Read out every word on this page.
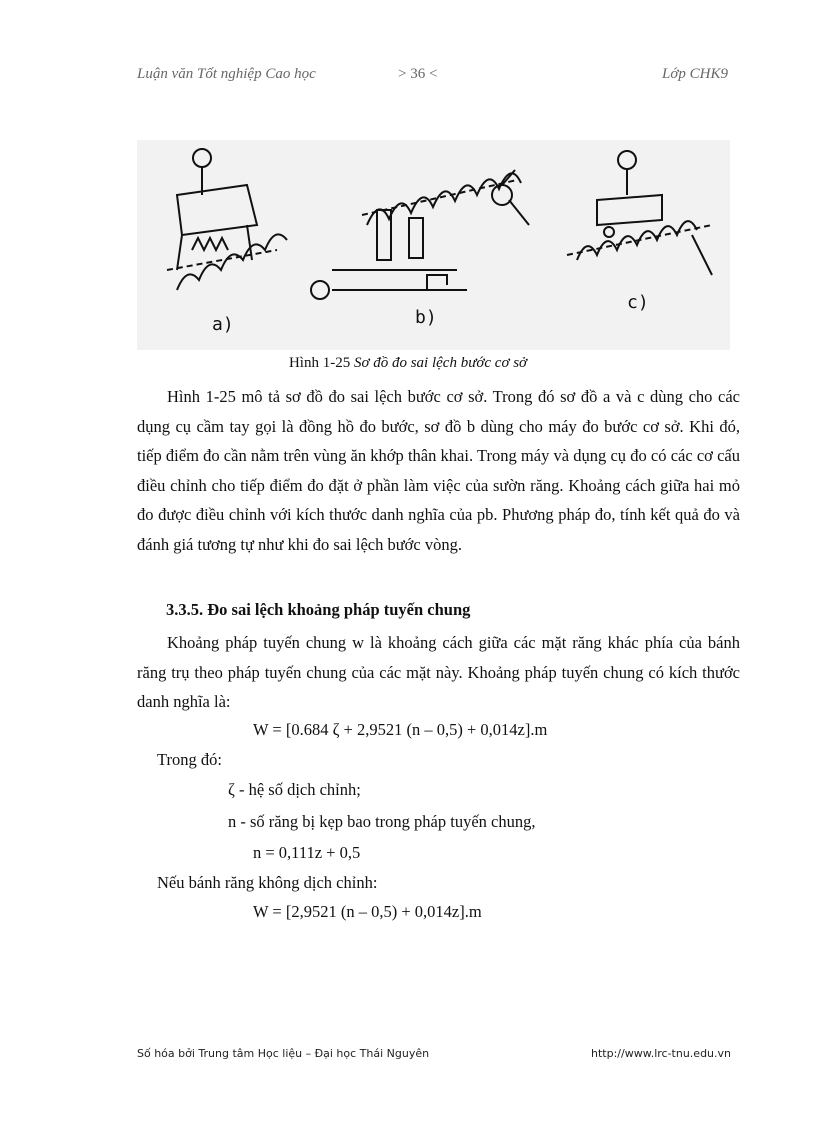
Luận văn Tốt nghiệp Cao học	> 36 <	Lớp CHK9
a)	b)
c)
Hình 1-25 Sơ đồ đo sai lệch bước cơ sở
Hình 1-25 mô tả sơ đồ đo sai lệch bước cơ sở. Trong đó sơ đồ a và c dùng cho các dụng cụ cầm tay gọi là đồng hồ đo bước, sơ đồ b dùng cho máy đo bước cơ sở. Khi đó, tiếp điểm đo cần nằm trên vùng ăn khớp thân khai. Trong máy và dụng cụ đo có các cơ cấu điều chỉnh cho tiếp điểm đo đặt ở phần làm việc của sườn răng. Khoảng cách giữa hai mỏ đo được điều chỉnh với kích thước danh nghĩa của pb. Phương pháp đo, tính kết quả đo và đánh giá tương tự như khi đo sai lệch bước vòng.
3.3.5. Đo sai lệch khoảng pháp tuyến chung
Khoảng pháp tuyến chung w là khoảng cách giữa các mặt răng khác phía của bánh răng trụ theo pháp tuyến chung của các mặt này. Khoảng pháp tuyến chung có kích thước danh nghĩa là:
W = [0.684 ζ + 2,9521 (n – 0,5) + 0,014z].m
Trong đó:
ζ - hệ số dịch chỉnh;
n - số răng bị kẹp bao trong pháp tuyến chung,
n = 0,111z + 0,5
Nếu bánh răng không dịch chỉnh:
W = [2,9521 (n – 0,5) + 0,014z].m
Số hóa bởi Trung tâm Học liệu – Đại học Thái Nguyên	http://www.lrc-tnu.edu.vn
